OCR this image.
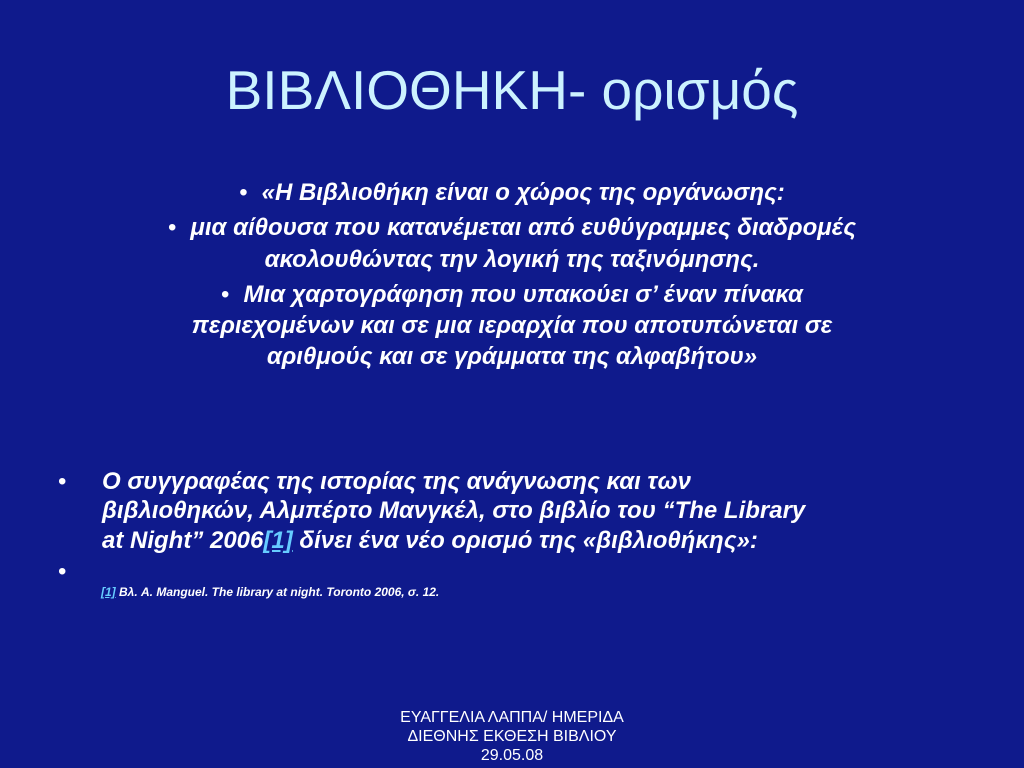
ΒΙΒΛΙΟΘΗΚΗ- ορισμός

• «Η Βιβλιοθήκη είναι ο χώρος της οργάνωσης:

• μια αίθουσα που κατανέμεται από ευθύγραμμες διαδρομές

ακολουθώντας την λογική της ταξινόμησης.

• Μια χαρτογράφηση που υπακούει σ’ έναν πίνακα

περιεχομένων και σε μια ιεραρχία που αποτυπώνεται σε

αριθμούς και σε γράμματα της αλφαβήτου»

• Ο συγγραφέας της ιστορίας της ανάγνωσης και των
βιβλιοθηκών, Αλμπέρτο Μανγκέλ, στο βιβλίο του “The Library
at Night” 2006[1] δίνει ένα νέο ορισμό της «βιβλιοθήκης»:
•

[1] Βλ. A. Manguel. The library at night. Toronto 2006, σ. 12.
ΕΥΑΓΓΕΛΙΑ ΛΑΠΠΑ/ ΗΜΕΡΙΔΑ
ΔΙΕΘΝΗΣ ΕΚΘΕΣΗ ΒΙΒΛΙΟΥ
29.05.08
